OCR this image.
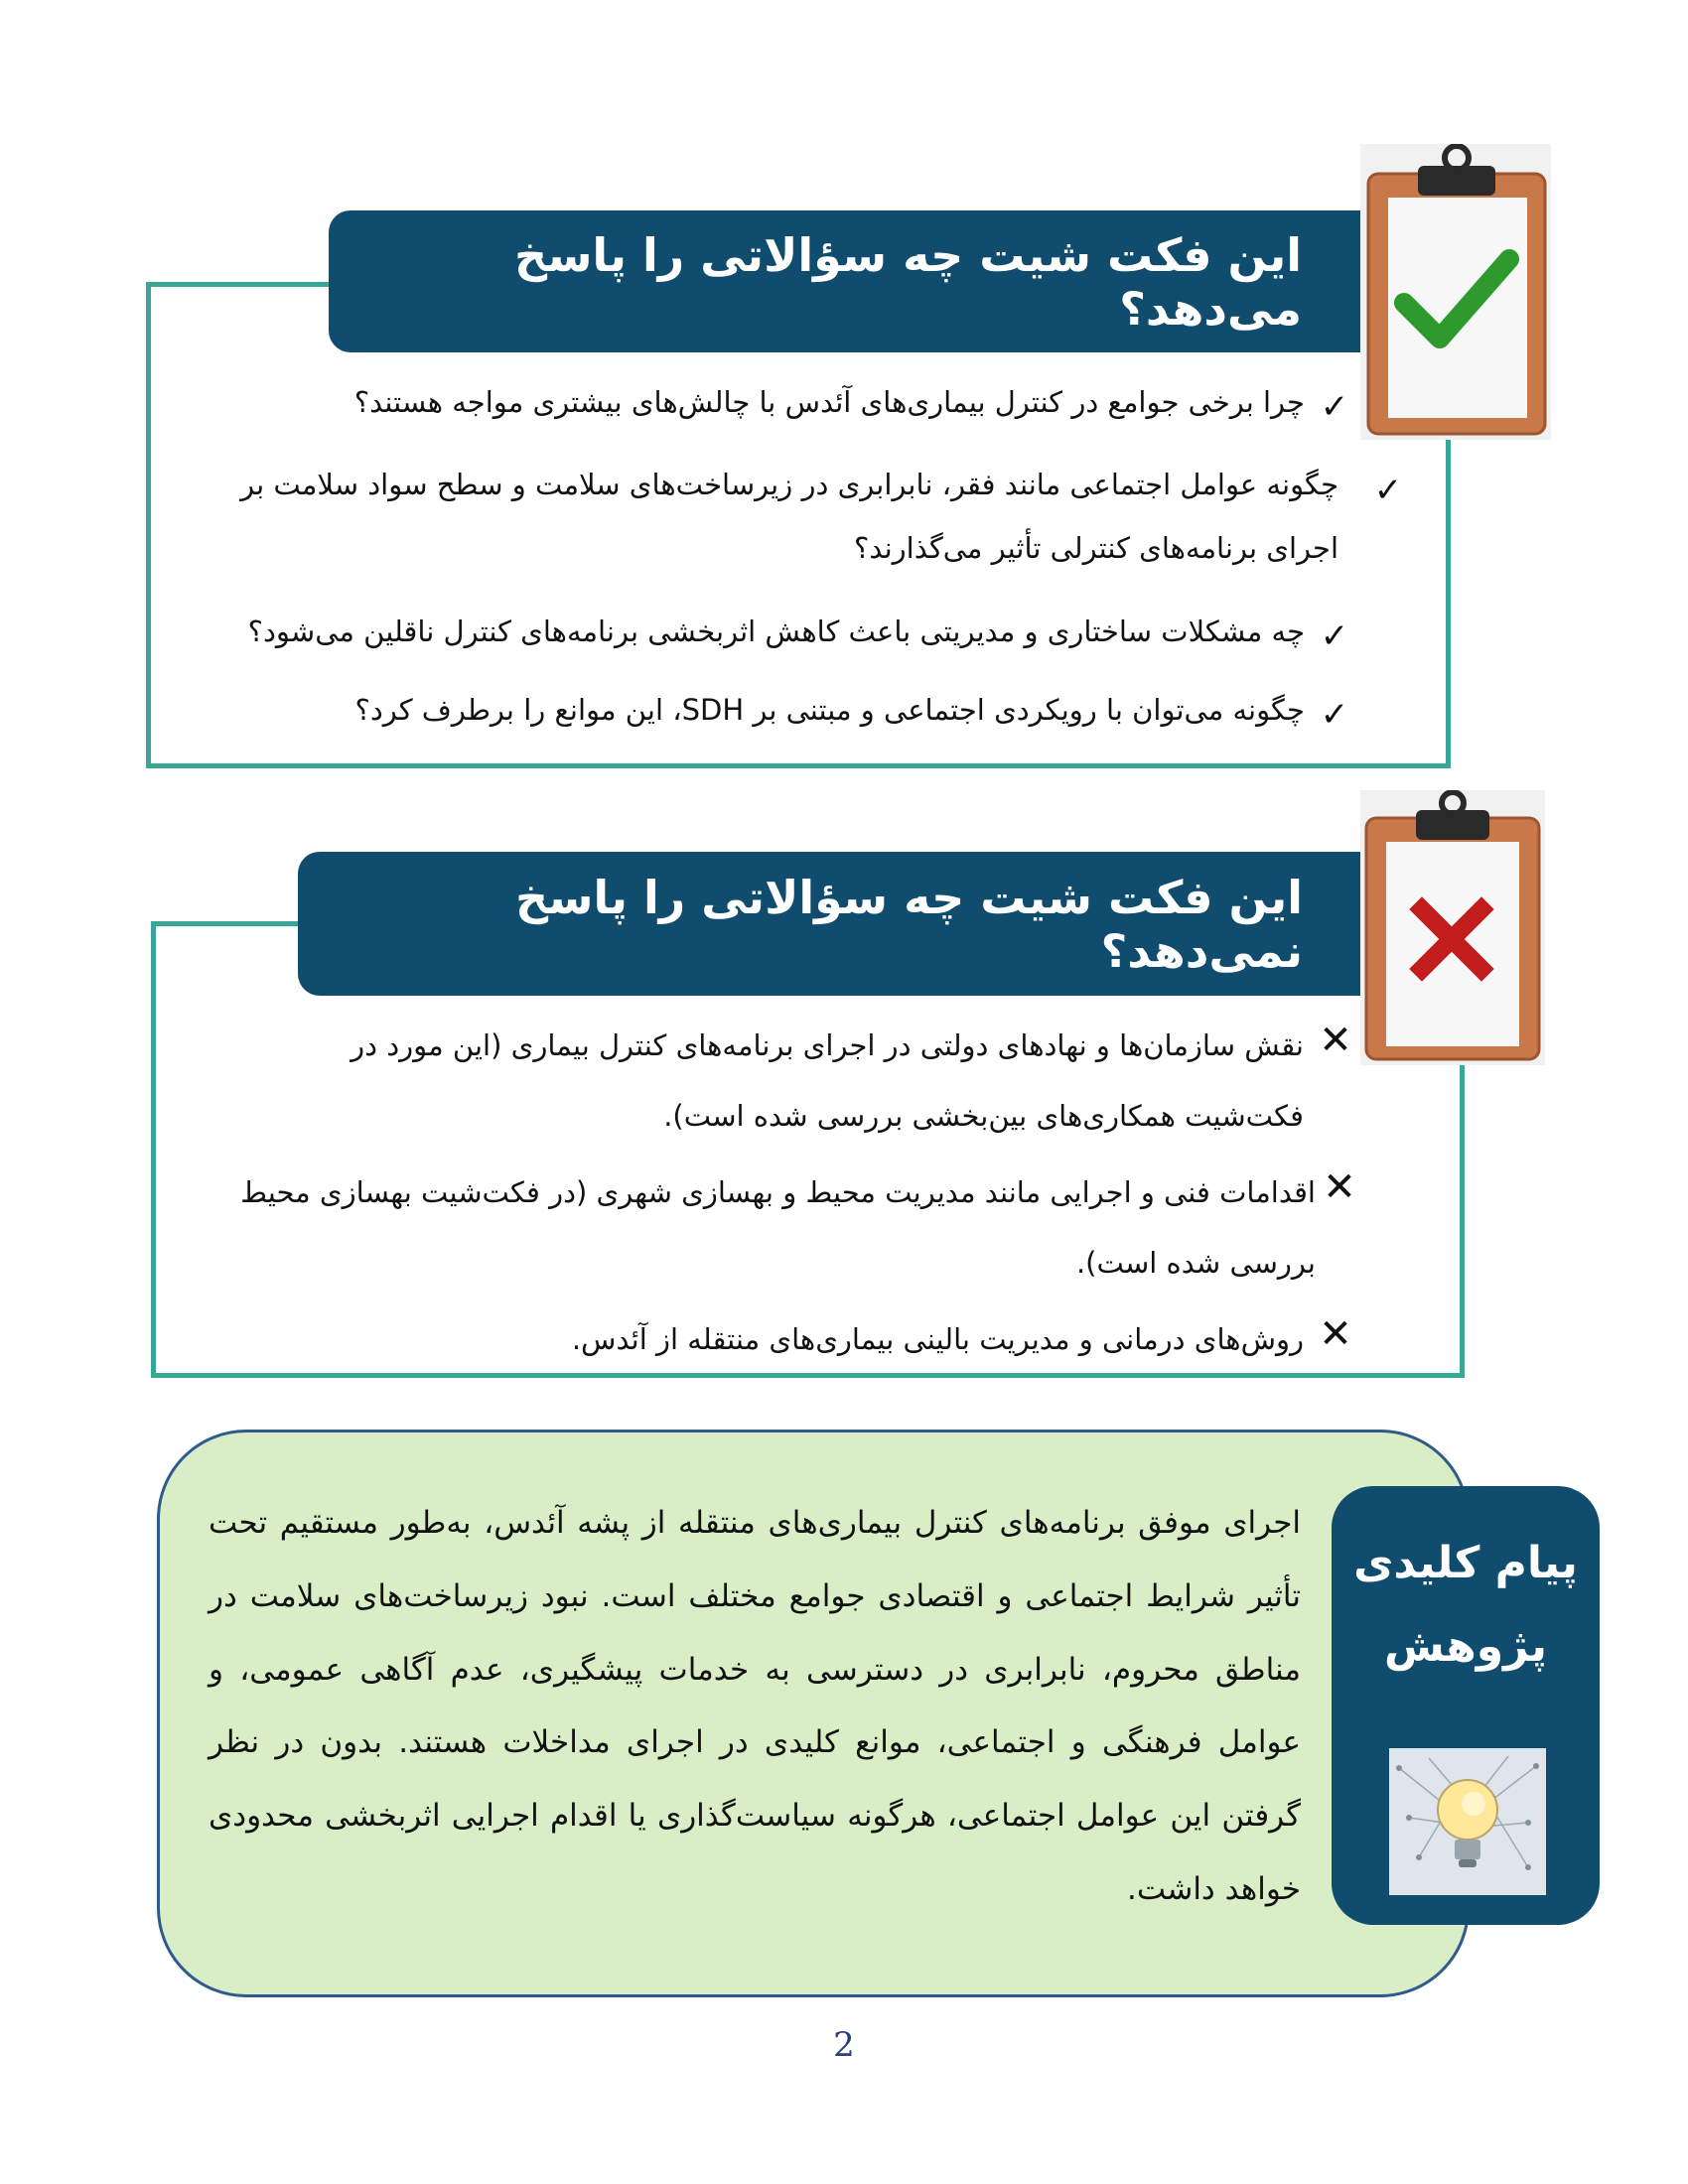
این فکت شیت چه سؤالاتی را پاسخ می‌دهد؟

✓
چرا برخی جوامع در کنترل بیماری‌های آئدس با چالش‌های بیشتری مواجه هستند؟

✓
چگونه عوامل اجتماعی مانند فقر، نابرابری در زیرساخت‌های سلامت و سطح سواد سلامت بر اجرای برنامه‌های کنترلی تأثیر می‌گذارند؟

✓
چه مشکلات ساختاری و مدیریتی باعث کاهش اثربخشی برنامه‌های کنترل ناقلین می‌شود؟

✓
چگونه می‌توان با رویکردی اجتماعی و مبتنی بر SDH، این موانع را برطرف کرد؟

این فکت شیت چه سؤالاتی را پاسخ نمی‌دهد؟

✕
نقش سازمان‌ها و نهادهای دولتی در اجرای برنامه‌های کنترل بیماری (این مورد در فکت‌شیت همکاری‌های بین‌بخشی بررسی شده است).

✕
اقدامات فنی و اجرایی مانند مدیریت محیط و بهسازی شهری (در فکت‌شیت بهسازی محیط بررسی شده است).

✕
روش‌های درمانی و مدیریت بالینی بیماری‌های منتقله از آئدس.

اجرای موفق برنامه‌های کنترل بیماری‌های منتقله از پشه آئدس، به‌طور مستقیم تحت تأثیر شرایط اجتماعی و اقتصادی جوامع مختلف است. نبود زیرساخت‌های سلامت در مناطق محروم، نابرابری در دسترسی به خدمات پیشگیری، عدم آگاهی عمومی، و عوامل فرهنگی و اجتماعی، موانع کلیدی در اجرای مداخلات هستند. بدون در نظر گرفتن این عوامل اجتماعی، هرگونه سیاست‌گذاری یا اقدام اجرایی اثربخشی محدودی خواهد داشت.
پیام کلیدی
پژوهش
2
